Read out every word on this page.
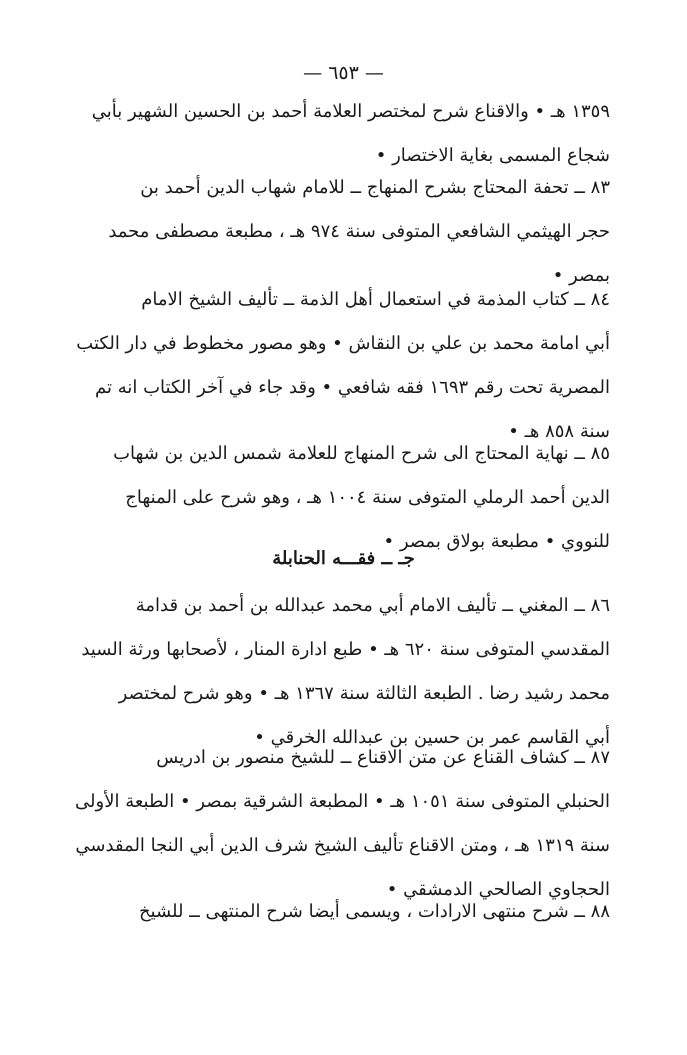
— ٦٥٣ —

١٣٥٩ هـ • والاقناع شرح لمختصر العلامة أحمد بن الحسين الشهير بأبي
شجاع المسمى بغاية الاختصار •

٨٣ ــ تحفة المحتاج بشرح المنهاج ــ للامام شهاب الدين أحمد بن
حجر الهيثمي الشافعي المتوفى سنة ٩٧٤ هـ ، مطبعة مصطفى محمد
بمصر •

٨٤ ــ كتاب المذمة في استعمال أهل الذمة ــ تأليف الشيخ الامام
أبي امامة محمد بن علي بن النقاش • وهو مصور مخطوط في دار الكتب
المصرية تحت رقم ١٦٩٣ فقه شافعي • وقد جاء في آخر الكتاب انه تم
سنة ٨٥٨ هـ •

٨٥ ــ نهاية المحتاج الى شرح المنهاج للعلامة شمس الدين بن شهاب
الدين أحمد الرملي المتوفى سنة ١٠٠٤ هـ ، وهو شرح على المنهاج
للنووي • مطبعة بولاق بمصر •

جـ ــ فقـــه الحنابلة

٨٦ ــ المغني ــ تأليف الامام أبي محمد عبدالله بن أحمد بن قدامة
المقدسي المتوفى سنة ٦٢٠ هـ • طبع ادارة المنار ، لأصحابها ورثة السيد
محمد رشيد رضا . الطبعة الثالثة سنة ١٣٦٧ هـ • وهو شرح لمختصر
أبي القاسم عمر بن حسين بن عبدالله الخرقي •

٨٧ ــ كشاف القناع عن متن الاقناع ــ للشيخ منصور بن ادريس
الحنبلي المتوفى سنة ١٠٥١ هـ • المطبعة الشرقية بمصر • الطبعة الأولى
سنة ١٣١٩ هـ ، ومتن الاقناع تأليف الشيخ شرف الدين أبي النجا المقدسي
الحجاوي الصالحي الدمشقي •

٨٨ ــ شرح منتهى الارادات ، ويسمى أيضا شرح المنتهى ــ للشيخ
